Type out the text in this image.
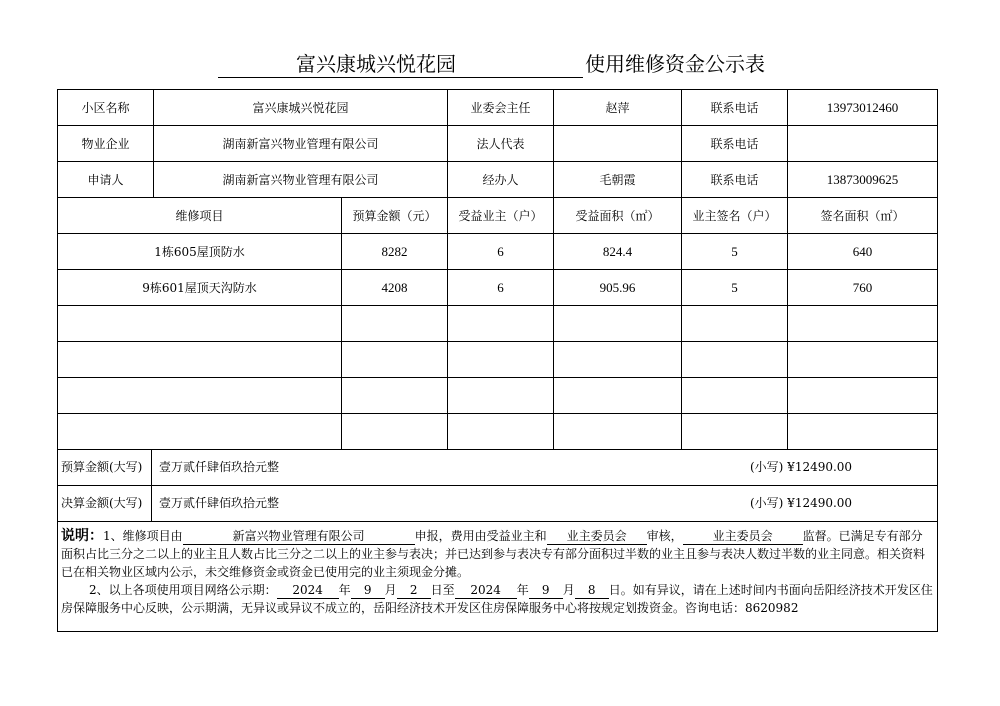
富兴康城兴悦花园	使用维修资金公示表
小区名称	富兴康城兴悦花园		业委会主任	赵萍	联系电话	13973012460
物业企业	湖南新富兴物业管理有限公司		法人代表		联系电话	
申请人	湖南新富兴物业管理有限公司		经办人	毛朝霞	联系电话	13873009625
维修项目		预算金额（元）	受益业主（户）	受益面积（㎡）	业主签名（户）	签名面积（㎡）
1栋605屋顶防水		8282	6	824.4	5	640
9栋601屋顶天沟防水		4208	6	905.96	5	760

预算金额(大写) 壹万贰仟肆佰玖拾元整 (小写) ¥12490.00						

决算金额(大写) 壹万贰仟肆佰玖拾元整 (小写) ¥12490.00						

说明：1、维修项目由 新富兴物业管理有限公司 申报，费用由受益业主和 业主委员会 审核， 业主委员会 监督。已满足专有部分面积占比三分之二以上的业主且人数占比三分之二以上的业主参与表决；并已达到参与表决专有部分面积过半数的业主且参与表决人数过半数的业主同意。相关资料已在相关物业区域内公示，未交维修资金或资金已使用完的业主须现金分摊。
2、以上各项使用项目网络公示期： 2024 年 9 月 2 日至 2024 年 9 月 8 日。如有异议，请在上述时间内书面向岳阳经济技术开发区住房保障服务中心反映，公示期满，无异议或异议不成立的，岳阳经济技术开发区住房保障服务中心将按规定划拨资金。咨询电话：8620982						
